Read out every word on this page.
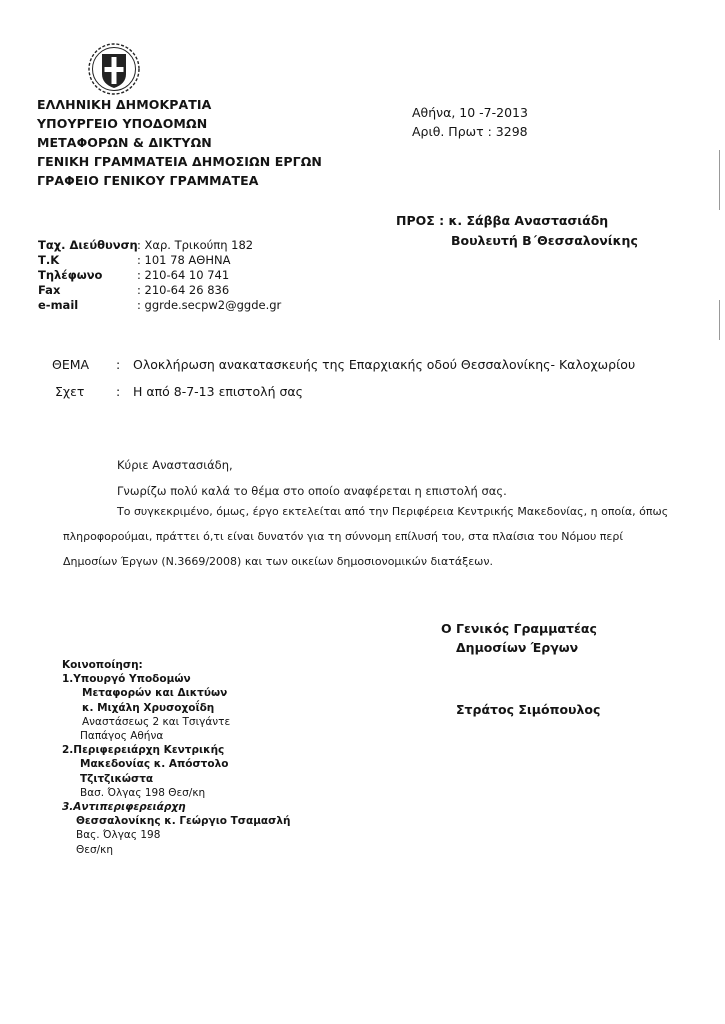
ΕΛΛΗΝΙΚΗ ΔΗΜΟΚΡΑΤΙΑ
ΥΠΟΥΡΓΕΙΟ ΥΠΟΔΟΜΩΝ
ΜΕΤΑΦΟΡΩΝ & ΔΙΚΤΥΩΝ
ΓΕΝΙΚΗ ΓΡΑΜΜΑΤΕΙΑ ΔΗΜΟΣΙΩΝ ΕΡΓΩΝ
ΓΡΑΦΕΙΟ ΓΕΝΙΚΟΥ ΓΡΑΜΜΑΤΕΑ
Αθήνα, 10 -7-2013
Αριθ. Πρωτ : 3298
ΠΡΟΣ : κ. Σάββα Αναστασιάδη
Βουλευτή Β΄Θεσσαλονίκης
Ταχ. Διεύθυνση
Τ.Κ
Τηλέφωνο
Fax
e-mail
: Χαρ. Τρικούπη 182
: 101 78 ΑΘΗΝΑ
: 210-64 10 741
: 210-64 26 836
: ggrde.secpw2@ggde.gr
ΘΕΜΑ : Ολοκλήρωση ανακατασκευής της Επαρχιακής οδού Θεσσαλονίκης- Καλοχωρίου
Σχετ	: Η από 8-7-13 επιστολή σας
Κύριε Αναστασιάδη,
Γνωρίζω πολύ καλά το θέμα στο οποίο αναφέρεται η επιστολή σας.
Το συγκεκριμένο, όμως, έργο εκτελείται από την Περιφέρεια Κεντρικής Μακεδονίας, η οποία, όπως
πληροφορούμαι, πράττει ό,τι είναι δυνατόν για τη σύννομη επίλυσή του, στα πλαίσια του Νόμου περί
Δημοσίων Έργων (Ν.3669/2008) και των οικείων δημοσιονομικών διατάξεων.
Ο Γενικός Γραμματέας
Δημοσίων Έργων
Στράτος Σιμόπουλος
Κοινοποίηση:
1.Υπουργό Υποδομών
Μεταφορών και Δικτύων
κ. Μιχάλη Χρυσοχοΐδη
Αναστάσεως 2 και Τσιγάντε
Παπάγος Αθήνα
2.Περιφερειάρχη Κεντρικής
Μακεδονίας κ. Απόστολο
Τζιτζικώστα
Βασ. Όλγας 198 Θεσ/κη
3.Αντιπεριφερειάρχη
Θεσσαλονίκης κ. Γεώργιο Τσαμασλή
Βας. Όλγας 198
Θεσ/κη
